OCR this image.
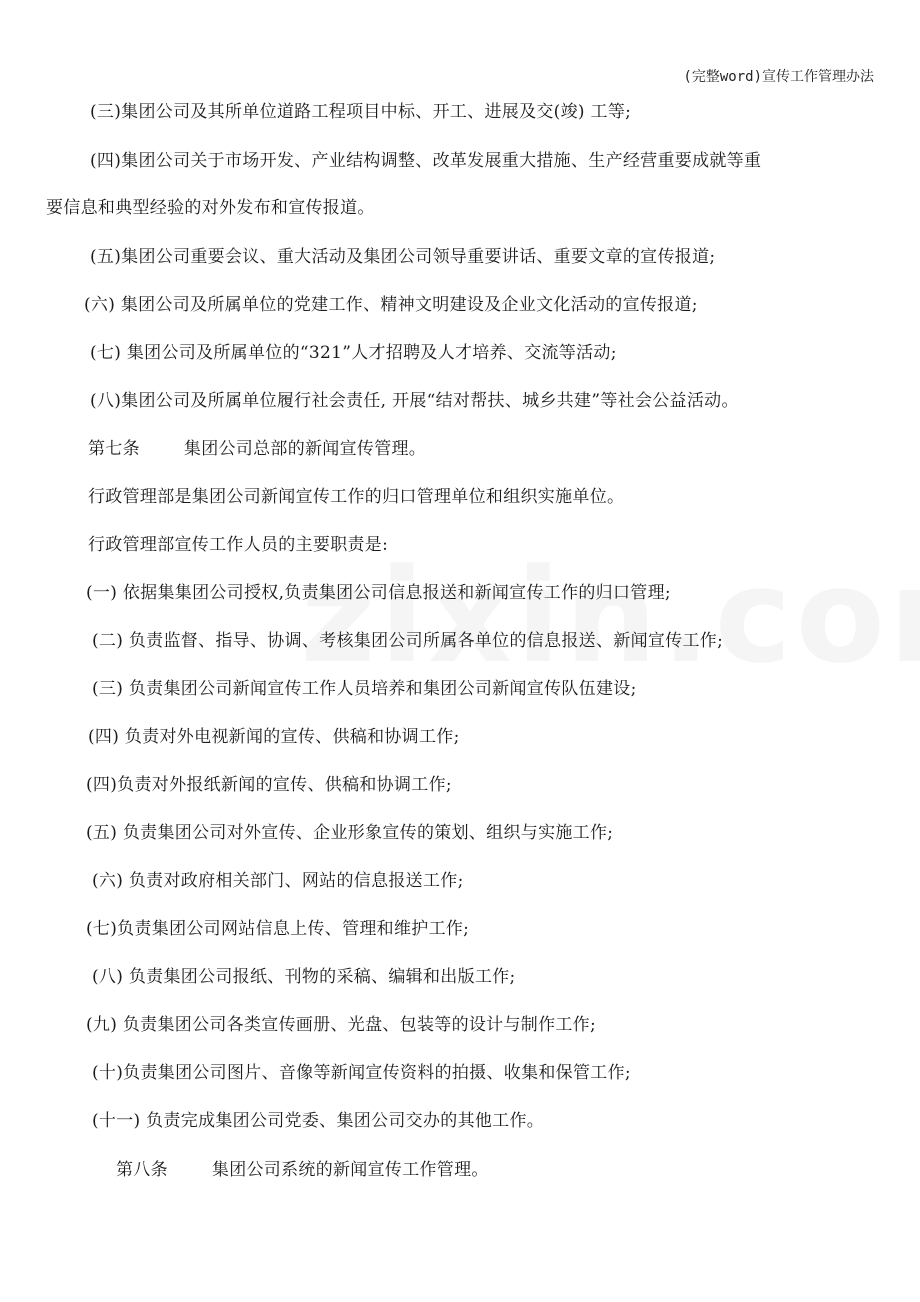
(完整word)宣传工作管理办法
(三)集团公司及其所单位道路工程项目中标、开工、进展及交(竣) 工等;
(四)集团公司关于市场开发、产业结构调整、改革发展重大措施、生产经营重要成就等重
要信息和典型经验的对外发布和宣传报道。
(五)集团公司重要会议、重大活动及集团公司领导重要讲话、重要文章的宣传报道;
(六) 集团公司及所属单位的党建工作、精神文明建设及企业文化活动的宣传报道;
(七) 集团公司及所属单位的“321”人才招聘及人才培养、交流等活动;
(八)集团公司及所属单位履行社会责任, 开展“结对帮扶、城乡共建”等社会公益活动。
第七条	集团公司总部的新闻宣传管理。
行政管理部是集团公司新闻宣传工作的归口管理单位和组织实施单位。
行政管理部宣传工作人员的主要职责是:
(一) 依据集集团公司授权,负责集团公司信息报送和新闻宣传工作的归口管理;
(二) 负责监督、指导、协调、考核集团公司所属各单位的信息报送、新闻宣传工作;
(三) 负责集团公司新闻宣传工作人员培养和集团公司新闻宣传队伍建设;
(四) 负责对外电视新闻的宣传、供稿和协调工作;
(四)负责对外报纸新闻的宣传、供稿和协调工作;
(五) 负责集团公司对外宣传、企业形象宣传的策划、组织与实施工作;
(六) 负责对政府相关部门、网站的信息报送工作;
(七)负责集团公司网站信息上传、管理和维护工作;
(八) 负责集团公司报纸、刊物的采稿、编辑和出版工作;
(九) 负责集团公司各类宣传画册、光盘、包装等的设计与制作工作;
(十)负责集团公司图片、音像等新闻宣传资料的拍摄、收集和保管工作;
(十一) 负责完成集团公司党委、集团公司交办的其他工作。
第八条	集团公司系统的新闻宣传工作管理。
